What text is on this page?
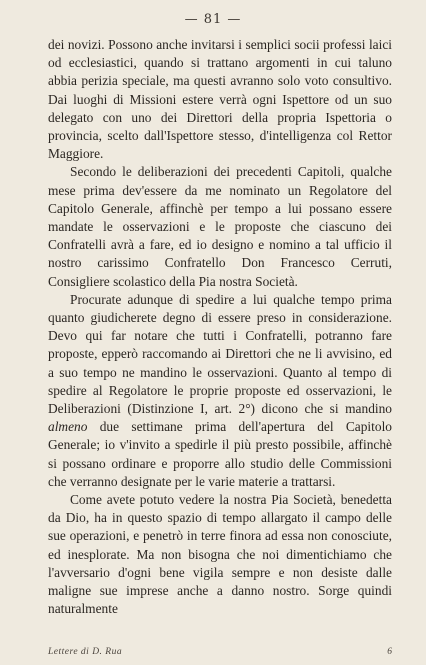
— 81 —

dei novizi. Possono anche invitarsi i semplici socii professi laici od ecclesiastici, quando si trattano argomenti in cui taluno abbia perizia speciale, ma questi avranno solo voto consultivo. Dai luoghi di Missioni estere verrà ogni Ispettore od un suo delegato con uno dei Direttori della propria Ispettoria o provincia, scelto dall'Ispettore stesso, d'intelligenza col Rettor Maggiore.

Secondo le deliberazioni dei precedenti Capitoli, qualche mese prima dev'essere da me nominato un Regolatore del Capitolo Generale, affinchè per tempo a lui possano essere mandate le osservazioni e le proposte che ciascuno dei Confratelli avrà a fare, ed io designo e nomino a tal ufficio il nostro carissimo Confratello Don Francesco Cerruti, Consigliere scolastico della Pia nostra Società.

Procurate adunque di spedire a lui qualche tempo prima quanto giudicherete degno di essere preso in considerazione. Devo qui far notare che tutti i Confratelli, potranno fare proposte, epperò raccomando ai Direttori che ne li avvisino, ed a suo tempo ne mandino le osservazioni. Quanto al tempo di spedire al Regolatore le proprie proposte ed osservazioni, le Deliberazioni (Distinzione I, art. 2°) dicono che si mandino almeno due settimane prima dell'apertura del Capitolo Generale; io v'invito a spedirle il più presto possibile, affinchè si possano ordinare e proporre allo studio delle Commissioni che verranno designate per le varie materie a trattarsi.

Come avete potuto vedere la nostra Pia Società, benedetta da Dio, ha in questo spazio di tempo allargato il campo delle sue operazioni, e penetrò in terre finora ad essa non conosciute, ed inesplorate. Ma non bisogna che noi dimentichiamo che l'avversario d'ogni bene vigila sempre e non desiste dalle maligne sue imprese anche a danno nostro. Sorge quindi naturalmente

Lettere di D. Rua	6
